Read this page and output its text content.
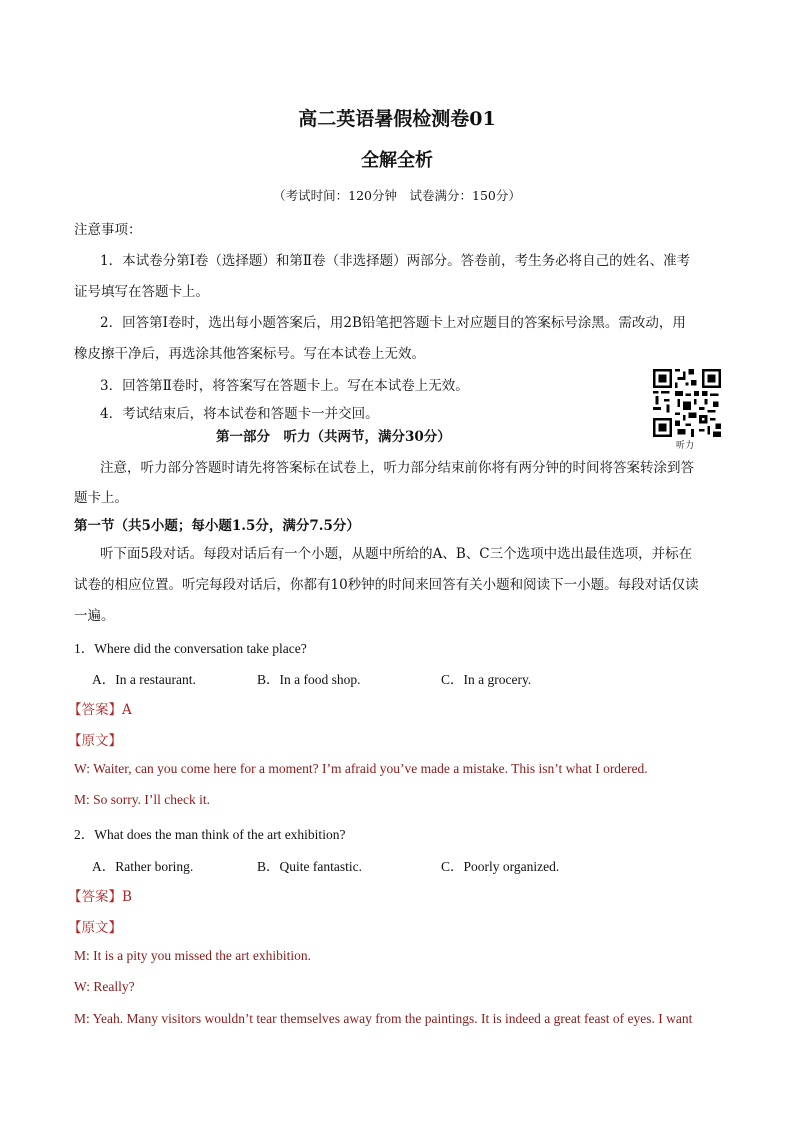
高二英语暑假检测卷01
全解全析
（考试时间：120分钟　试卷满分：150分）
注意事项：
1．本试卷分第Ⅰ卷（选择题）和第Ⅱ卷（非选择题）两部分。答卷前，考生务必将自己的姓名、准考
证号填写在答题卡上。
2．回答第Ⅰ卷时，选出每小题答案后，用2B铅笔把答题卡上对应题目的答案标号涂黑。需改动，用
橡皮擦干净后，再选涂其他答案标号。写在本试卷上无效。
3．回答第Ⅱ卷时，将答案写在答题卡上。写在本试卷上无效。
4．考试结束后，将本试卷和答题卡一并交回。
听力
第一部分　听力（共两节，满分30分）
注意，听力部分答题时请先将答案标在试卷上，听力部分结束前你将有两分钟的时间将答案转涂到答
题卡上。
第一节（共5小题；每小题1.5分，满分7.5分）
听下面5段对话。每段对话后有一个小题，从题中所给的A、B、C三个选项中选出最佳选项，并标在
试卷的相应位置。听完每段对话后，你都有10秒钟的时间来回答有关小题和阅读下一小题。每段对话仅读
一遍。
1．Where did the conversation take place?
A．In a restaurant.	B．In a food shop.	C．In a grocery.
【答案】A
【原文】
W: Waiter, can you come here for a moment? I’m afraid you’ve made a mistake. This isn’t what I ordered.
M: So sorry. I’ll check it.
2．What does the man think of the art exhibition?
A．Rather boring.	B．Quite fantastic.	C．Poorly organized.
【答案】B
【原文】
M: It is a pity you missed the art exhibition.
W: Really?
M: Yeah. Many visitors wouldn’t tear themselves away from the paintings. It is indeed a great feast of eyes. I want
